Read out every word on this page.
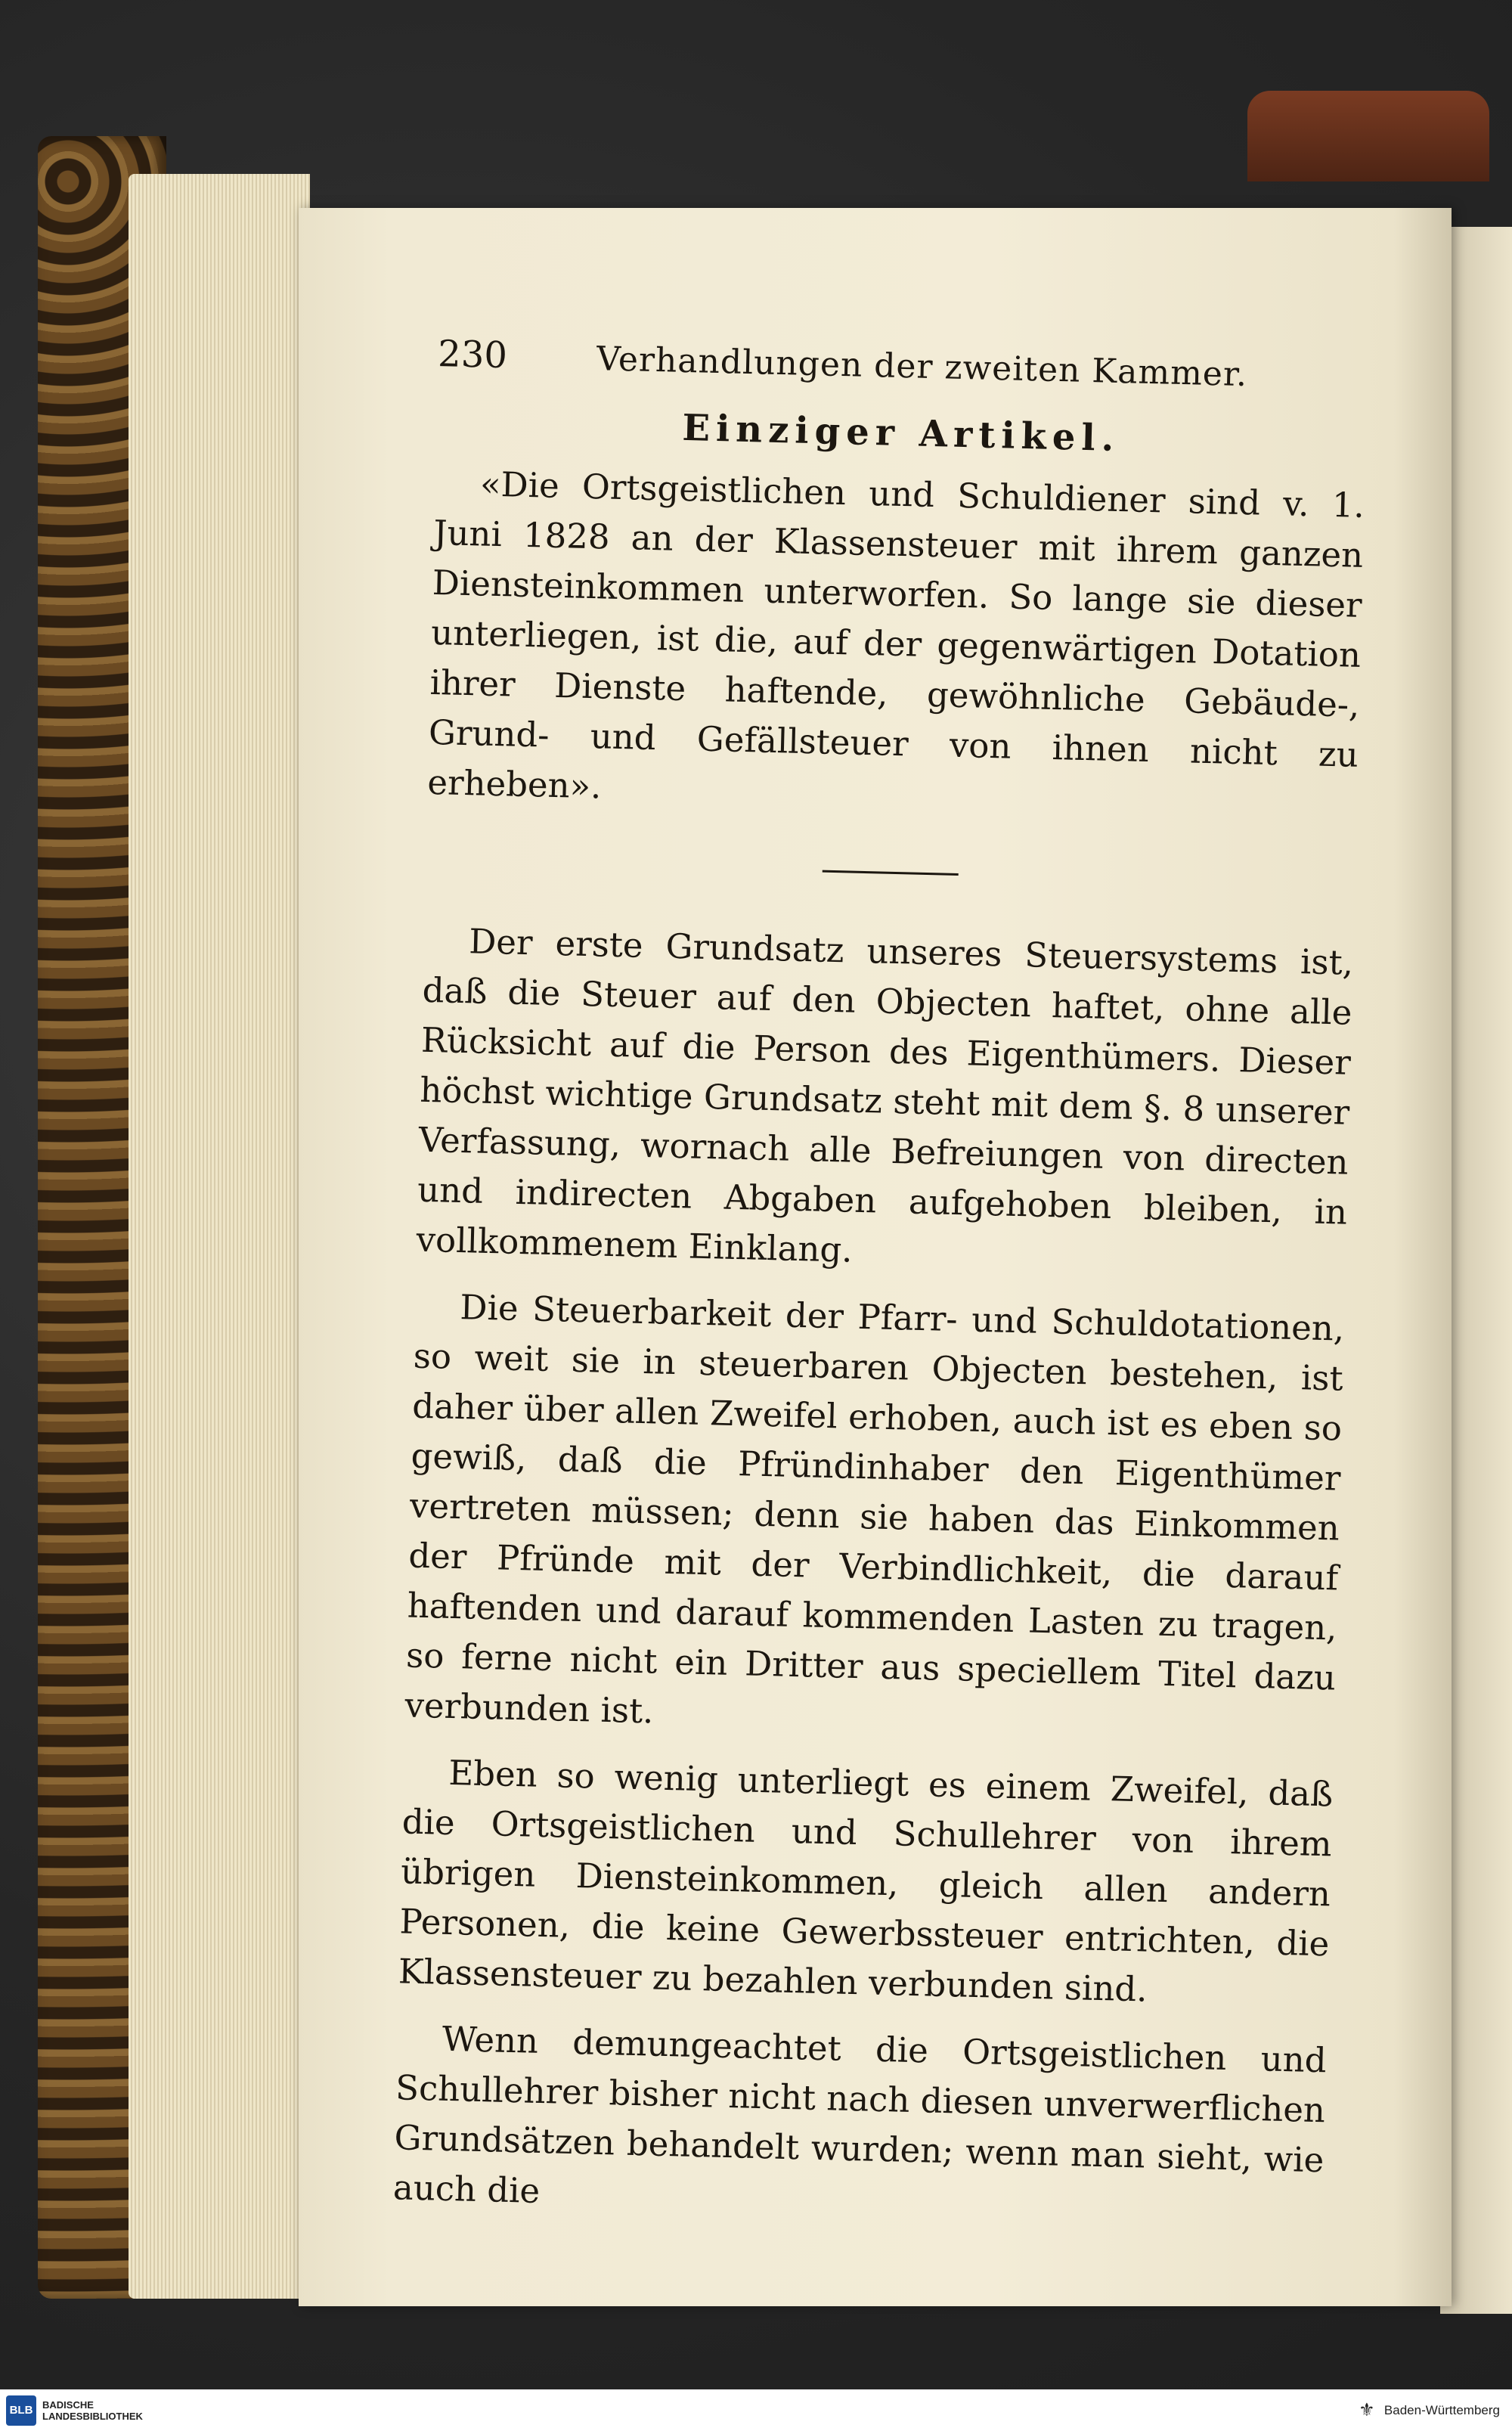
230	Verhandlungen der zweiten Kammer.
Einziger Artikel.

«Die Ortsgeistlichen und Schuldiener sind v. 1. Juni 1828 an der Klassensteuer mit ihrem ganzen Diensteinkommen unterworfen. So lange sie dieser unterliegen, ist die, auf der gegenwärtigen Dotation ihrer Dienste haftende, gewöhnliche Gebäude-, Grund- und Gefällsteuer von ihnen nicht zu erheben».

Der erste Grundsatz unseres Steuersystems ist, daß die Steuer auf den Objecten haftet, ohne alle Rücksicht auf die Person des Eigenthümers. Dieser höchst wichtige Grundsatz steht mit dem §. 8 unserer Verfassung, wornach alle Befreiungen von directen und indirecten Abgaben aufgehoben bleiben, in vollkommenem Einklang.

Die Steuerbarkeit der Pfarr- und Schuldotationen, so weit sie in steuerbaren Objecten bestehen, ist daher über allen Zweifel erhoben, auch ist es eben so gewiß, daß die Pfründinhaber den Eigenthümer vertreten müssen; denn sie haben das Einkommen der Pfründe mit der Verbindlichkeit, die darauf haftenden und darauf kommenden Lasten zu tragen, so ferne nicht ein Dritter aus speciellem Titel dazu verbunden ist.

Eben so wenig unterliegt es einem Zweifel, daß die Ortsgeistlichen und Schullehrer von ihrem übrigen Diensteinkommen, gleich allen andern Personen, die keine Gewerbssteuer entrichten, die Klassensteuer zu bezahlen verbunden sind.

Wenn demungeachtet die Ortsgeistlichen und Schullehrer bisher nicht nach diesen unverwerflichen Grundsätzen behandelt wurden; wenn man sieht, wie auch die

BLB BADISCHE
LANDESBIBLIOTHEK	⚜ Baden-Württemberg
